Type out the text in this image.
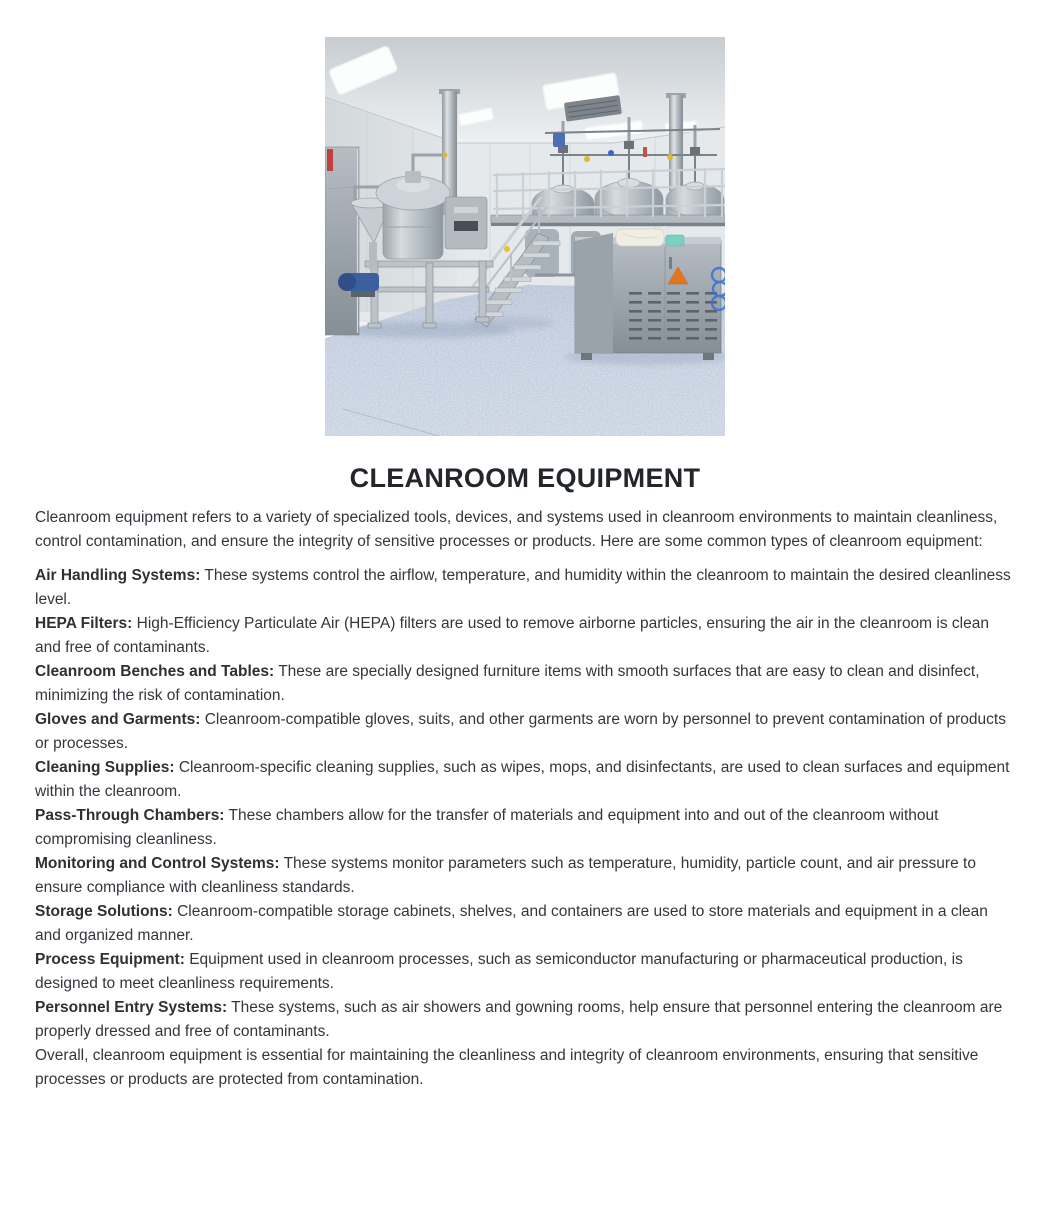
CLEANROOM EQUIPMENT

Cleanroom equipment refers to a variety of specialized tools, devices, and systems used in cleanroom environments to maintain cleanliness, control contamination, and ensure the integrity of sensitive processes or products. Here are some common types of cleanroom equipment:

Air Handling Systems: These systems control the airflow, temperature, and humidity within the cleanroom to maintain the desired cleanliness level.
HEPA Filters: High-Efficiency Particulate Air (HEPA) filters are used to remove airborne particles, ensuring the air in the cleanroom is clean and free of contaminants.
Cleanroom Benches and Tables: These are specially designed furniture items with smooth surfaces that are easy to clean and disinfect, minimizing the risk of contamination.
Gloves and Garments: Cleanroom-compatible gloves, suits, and other garments are worn by personnel to prevent contamination of products or processes.
Cleaning Supplies: Cleanroom-specific cleaning supplies, such as wipes, mops, and disinfectants, are used to clean surfaces and equipment within the cleanroom.
Pass-Through Chambers: These chambers allow for the transfer of materials and equipment into and out of the cleanroom without compromising cleanliness.
Monitoring and Control Systems: These systems monitor parameters such as temperature, humidity, particle count, and air pressure to ensure compliance with cleanliness standards.
Storage Solutions: Cleanroom-compatible storage cabinets, shelves, and containers are used to store materials and equipment in a clean and organized manner.
Process Equipment: Equipment used in cleanroom processes, such as semiconductor manufacturing or pharmaceutical production, is designed to meet cleanliness requirements.
Personnel Entry Systems: These systems, such as air showers and gowning rooms, help ensure that personnel entering the cleanroom are properly dressed and free of contaminants.

Overall, cleanroom equipment is essential for maintaining the cleanliness and integrity of cleanroom environments, ensuring that sensitive processes or products are protected from contamination.
